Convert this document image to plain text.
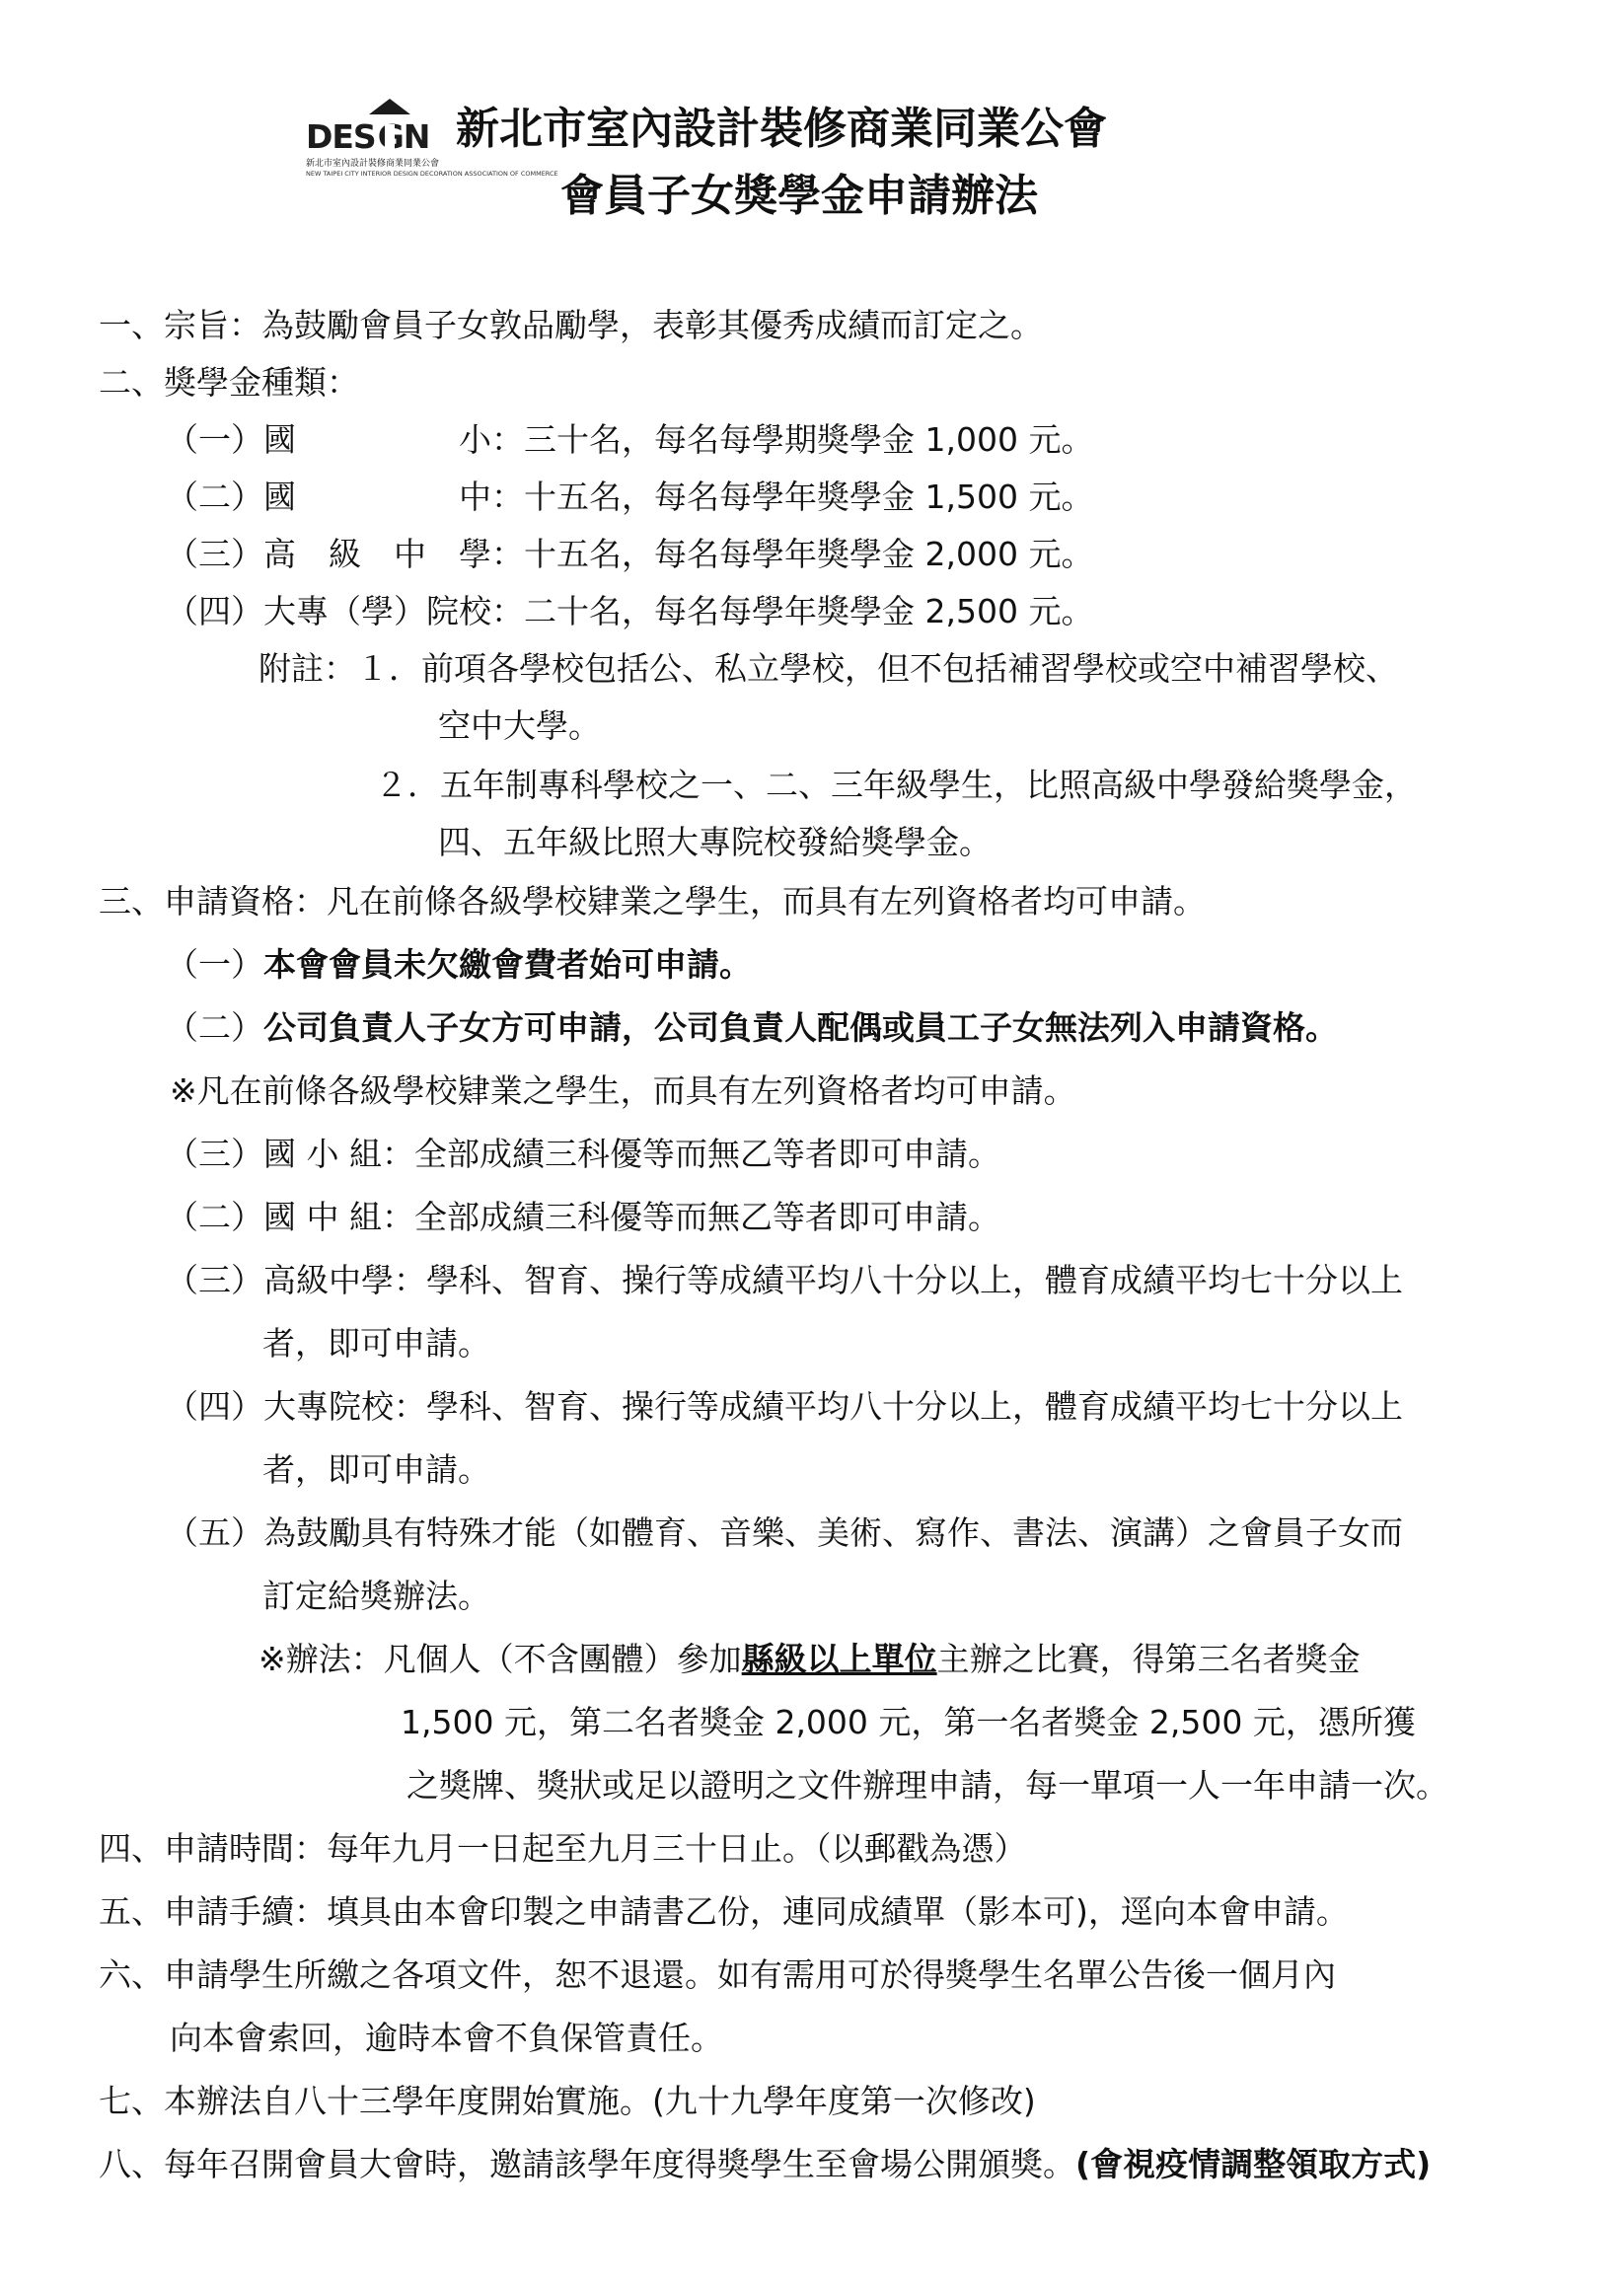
DES GN
新北市室內設計裝修商業同業公會
NEW TAIPEI CITY INTERIOR DESIGN DECORATION ASSOCIATION OF COMMERCE
新北市室內設計裝修商業同業公會
會員子女獎學金申請辦法
一、宗旨：為鼓勵會員子女敦品勵學，表彰其優秀成績而訂定之。
二、獎學金種類：
（一）國　　　　　小：三十名，每名每學期獎學金 1,000 元。
（二）國　　　　　中：十五名，每名每學年獎學金 1,500 元。
（三）高　級　中　學：十五名，每名每學年獎學金 2,000 元。
（四）大專（學）院校：二十名，每名每學年獎學金 2,500 元。
附註：１．前項各學校包括公、私立學校，但不包括補習學校或空中補習學校、
空中大學。
２．五年制專科學校之一、二、三年級學生，比照高級中學發給獎學金，
四、五年級比照大專院校發給獎學金。
三、申請資格：凡在前條各級學校肄業之學生，而具有左列資格者均可申請。
（一）本會會員未欠繳會費者始可申請。
（二）公司負責人子女方可申請，公司負責人配偶或員工子女無法列入申請資格。
※凡在前條各級學校肄業之學生，而具有左列資格者均可申請。
（三）國 小 組：全部成績三科優等而無乙等者即可申請。
（二）國 中 組：全部成績三科優等而無乙等者即可申請。
（三）高級中學：學科、智育、操行等成績平均八十分以上，體育成績平均七十分以上
者，即可申請。
（四）大專院校：學科、智育、操行等成績平均八十分以上，體育成績平均七十分以上
者，即可申請。
（五）為鼓勵具有特殊才能（如體育、音樂、美術、寫作、書法、演講）之會員子女而
訂定給獎辦法。
※辦法：凡個人（不含團體）參加縣級以上單位主辦之比賽，得第三名者獎金
1,500 元，第二名者獎金 2,000 元，第一名者獎金 2,500 元，憑所獲
之獎牌、獎狀或足以證明之文件辦理申請，每一單項一人一年申請一次。
四、申請時間：每年九月一日起至九月三十日止。（以郵戳為憑）
五、申請手續：填具由本會印製之申請書乙份，連同成績單（影本可)，逕向本會申請。
六、申請學生所繳之各項文件，恕不退還。如有需用可於得獎學生名單公告後一個月內
向本會索回，逾時本會不負保管責任。
七、本辦法自八十三學年度開始實施。(九十九學年度第一次修改)
八、每年召開會員大會時，邀請該學年度得獎學生至會場公開頒獎。(會視疫情調整領取方式)
